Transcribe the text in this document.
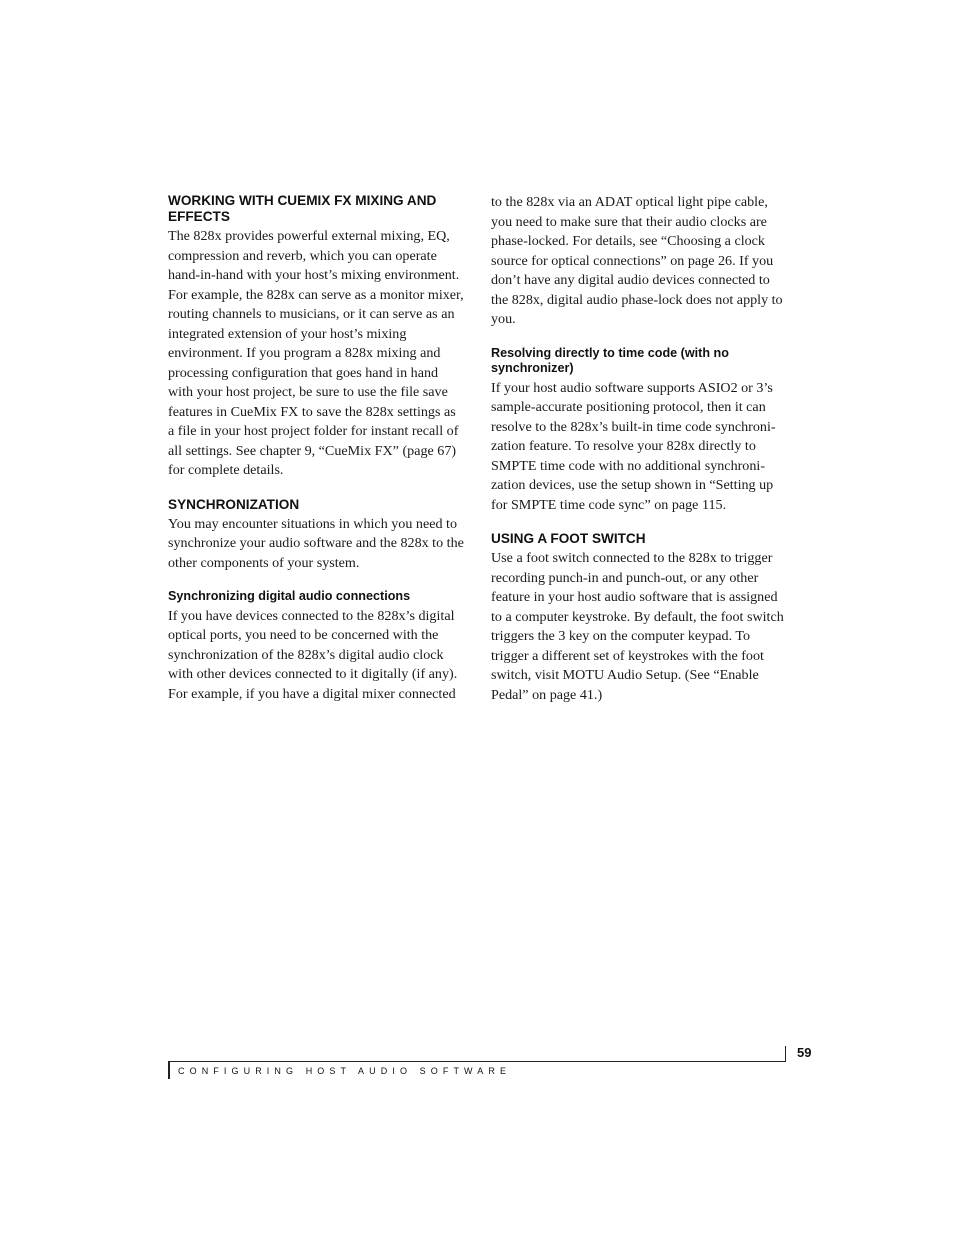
WORKING WITH CUEMIX FX MIXING AND EFFECTS

The 828x provides powerful external mixing, EQ, compression and reverb, which you can operate hand-in-hand with your host’s mixing environment. For example, the 828x can serve as a monitor mixer, routing channels to musicians, or it can serve as an integrated extension of your host’s mixing environment. If you program a 828x mixing and processing configuration that goes hand in hand with your host project, be sure to use the file save features in CueMix FX to save the 828x settings as a file in your host project folder for instant recall of all settings. See chapter 9, “CueMix FX” (page 67) for complete details.

SYNCHRONIZATION

You may encounter situations in which you need to synchronize your audio software and the 828x to the other components of your system.

Synchronizing digital audio connections

If you have devices connected to the 828x’s digital optical ports, you need to be concerned with the synchronization of the 828x’s digital audio clock with other devices connected to it digitally (if any). For example, if you have a digital mixer connected

to the 828x via an ADAT optical light pipe cable, you need to make sure that their audio clocks are phase-locked. For details, see “Choosing a clock source for optical connections” on page 26. If you don’t have any digital audio devices connected to the 828x, digital audio phase-lock does not apply to you.

Resolving directly to time code (with no synchronizer)

If your host audio software supports ASIO2 or 3’s sample-accurate positioning protocol, then it can resolve to the 828x’s built-in time code synchroni-zation feature. To resolve your 828x directly to SMPTE time code with no additional synchroni-zation devices, use the setup shown in “Setting up for SMPTE time code sync” on page 115.

USING A FOOT SWITCH

Use a foot switch connected to the 828x to trigger recording punch-in and punch-out, or any other feature in your host audio software that is assigned to a computer keystroke. By default, the foot switch triggers the 3 key on the computer keypad. To trigger a different set of keystrokes with the foot switch, visit MOTU Audio Setup. (See “Enable Pedal” on page 41.)

59
CONFIGURING HOST AUDIO SOFTWARE
